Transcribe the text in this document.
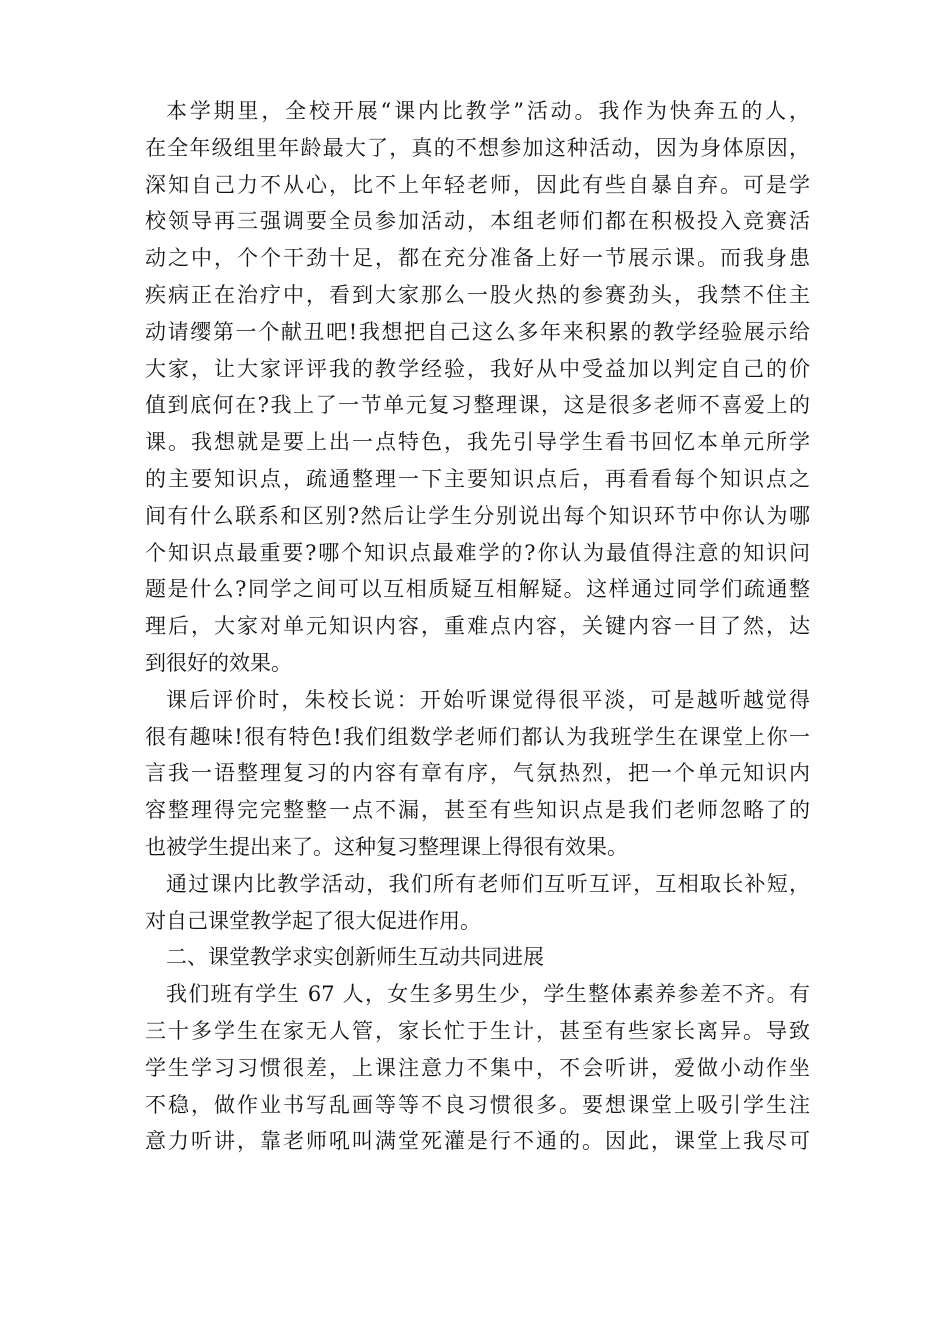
本学期里，全校开展“课内比教学”活动。我作为快奔五的人，
在全年级组里年龄最大了，真的不想参加这种活动，因为身体原因，
深知自己力不从心，比不上年轻老师，因此有些自暴自弃。可是学
校领导再三强调要全员参加活动，本组老师们都在积极投入竞赛活
动之中，个个干劲十足，都在充分准备上好一节展示课。而我身患
疾病正在治疗中，看到大家那么一股火热的参赛劲头，我禁不住主
动请缨第一个献丑吧!我想把自己这么多年来积累的教学经验展示给
大家，让大家评评我的教学经验，我好从中受益加以判定自己的价
值到底何在?我上了一节单元复习整理课，这是很多老师不喜爱上的
课。我想就是要上出一点特色，我先引导学生看书回忆本单元所学
的主要知识点，疏通整理一下主要知识点后，再看看每个知识点之
间有什么联系和区别?然后让学生分别说出每个知识环节中你认为哪
个知识点最重要?哪个知识点最难学的?你认为最值得注意的知识问
题是什么?同学之间可以互相质疑互相解疑。这样通过同学们疏通整
理后，大家对单元知识内容，重难点内容，关键内容一目了然，达
到很好的效果。
课后评价时，朱校长说：开始听课觉得很平淡，可是越听越觉得
很有趣味!很有特色!我们组数学老师们都认为我班学生在课堂上你一
言我一语整理复习的内容有章有序，气氛热烈，把一个单元知识内
容整理得完完整整一点不漏，甚至有些知识点是我们老师忽略了的
也被学生提出来了。这种复习整理课上得很有效果。
通过课内比教学活动，我们所有老师们互听互评，互相取长补短，
对自己课堂教学起了很大促进作用。
二、课堂教学求实创新师生互动共同进展
我们班有学生 67 人，女生多男生少，学生整体素养参差不齐。有
三十多学生在家无人管，家长忙于生计，甚至有些家长离异。导致
学生学习习惯很差，上课注意力不集中，不会听讲，爱做小动作坐
不稳，做作业书写乱画等等不良习惯很多。要想课堂上吸引学生注
意力听讲，靠老师吼叫满堂死灌是行不通的。因此，课堂上我尽可
